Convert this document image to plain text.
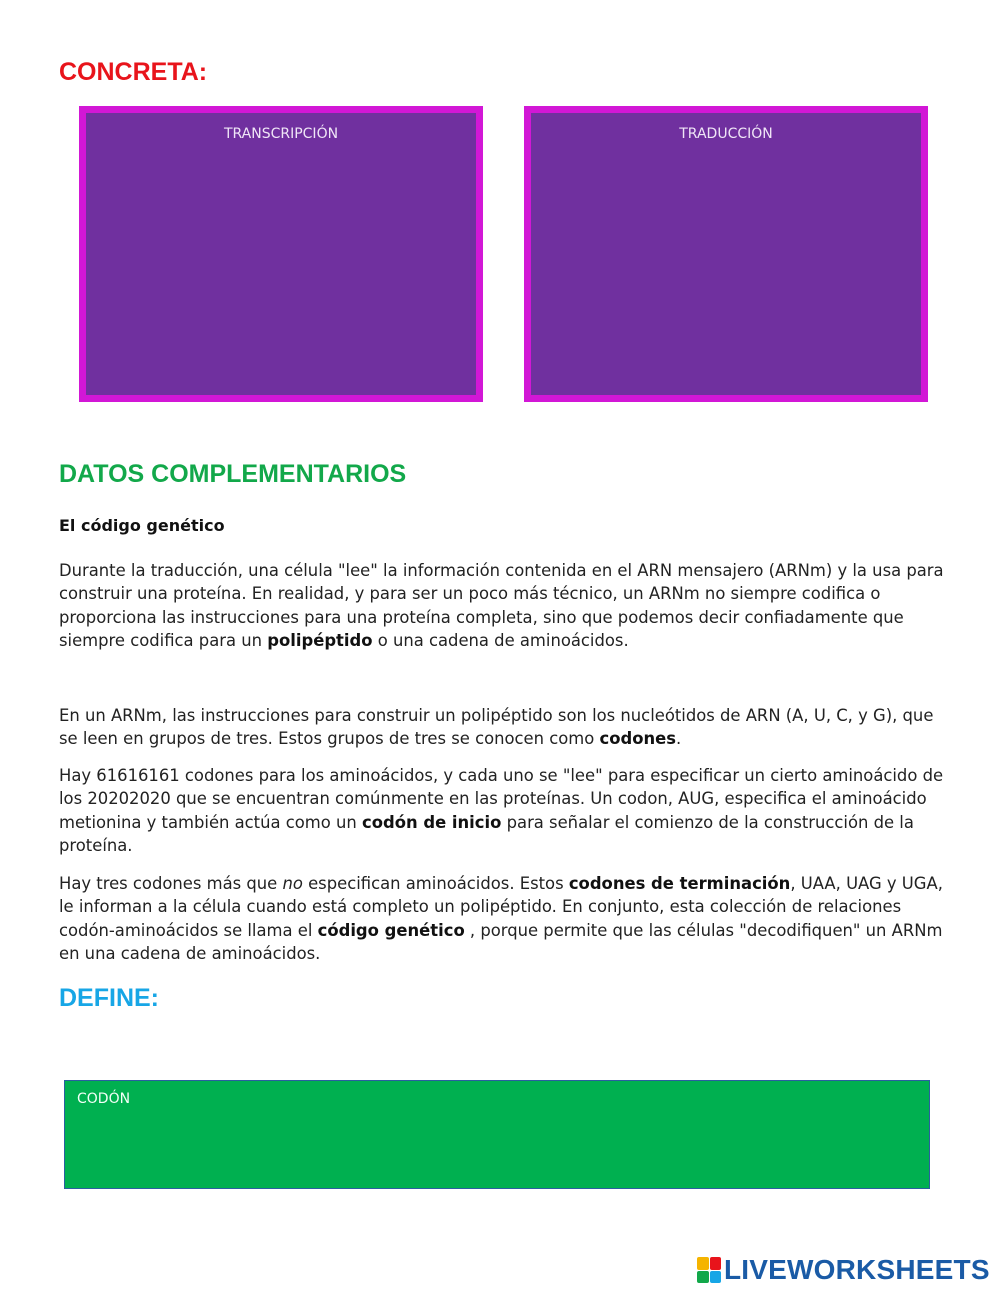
CONCRETA:
TRANSCRIPCIÓN	TRADUCCIÓN
DATOS COMPLEMENTARIOS
El código genético

Durante la traducción, una célula "lee" la información contenida en el ARN mensajero (ARNm) y la usa para construir una proteína. En realidad, y para ser un poco más técnico, un ARNm no siempre codifica o proporciona las instrucciones para una proteína completa, sino que podemos decir confiadamente que siempre codifica para un polipéptido o una cadena de aminoácidos.

En un ARNm, las instrucciones para construir un polipéptido son los nucleótidos de ARN (A, U, C, y G), que se leen en grupos de tres. Estos grupos de tres se conocen como codones.

Hay 61616161 codones para los aminoácidos, y cada uno se "lee" para especificar un cierto aminoácido de los 20202020 que se encuentran comúnmente en las proteínas. Un codon, AUG, especifica el aminoácido metionina y también actúa como un codón de inicio para señalar el comienzo de la construcción de la proteína.

Hay tres codones más que no especifican aminoácidos. Estos codones de terminación, UAA, UAG y UGA, le informan a la célula cuando está completo un polipéptido. En conjunto, esta colección de relaciones codón-aminoácidos se llama el código genético , porque permite que las células "decodifiquen" un ARNm en una cadena de aminoácidos.

DEFINE:
CODÓN
LIVEWORKSHEETS
